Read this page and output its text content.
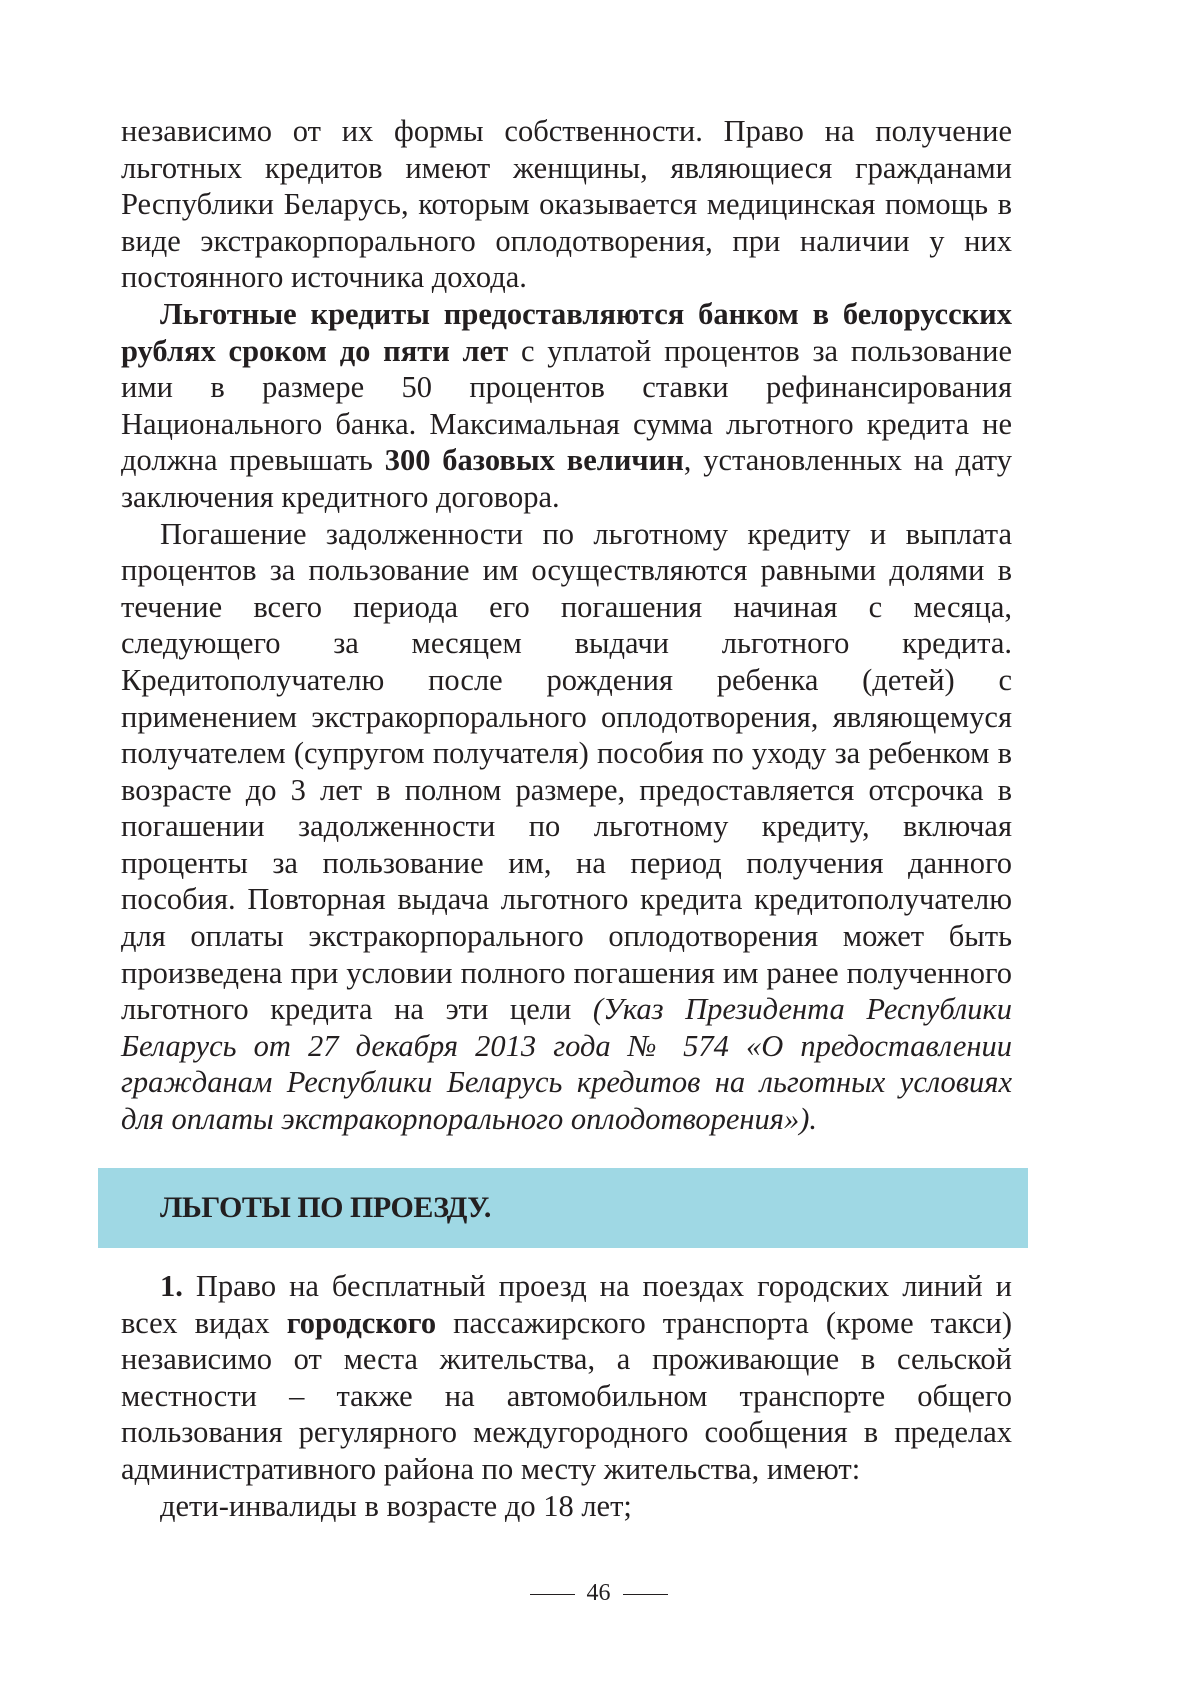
независимо от их формы собственности. Право на получение льготных кредитов имеют женщины, являющиеся гражданами Республики Беларусь, которым оказывается медицинская помощь в виде экстракорпорального оплодотворения, при наличии у них постоянного источника дохода.

Льготные кредиты предоставляются банком в белорусских рублях сроком до пяти лет с уплатой процентов за пользование ими в размере 50 процентов ставки рефинансирования Национального банка. Максимальная сумма льготного кредита не должна превышать 300 базовых величин, установленных на дату заключения кредитного договора.

Погашение задолженности по льготному кредиту и выплата процентов за пользование им осуществляются равными долями в течение всего периода его погашения начиная с месяца, следующего за месяцем выдачи льготного кредита. Кредитополучателю после рождения ребенка (детей) с применением экстракорпорального оплодотворения, являющемуся получателем (супругом получателя) пособия по уходу за ребенком в возрасте до 3 лет в полном размере, предоставляется отсрочка в погашении задолженности по льготному кредиту, включая проценты за пользование им, на период получения данного пособия. Повторная выдача льготного кредита кредитополучателю для оплаты экстракорпорального оплодотворения может быть произведена при условии полного погашения им ранее полученного льготного кредита на эти цели (Указ Президента Республики Беларусь от 27 декабря 2013 года № 574 «О предоставлении гражданам Республики Беларусь кредитов на льготных условиях для оплаты экстракорпорального оплодотворения»).

ЛЬГОТЫ ПО ПРОЕЗДУ.

1. Право на бесплатный проезд на поездах городских линий и всех видах городского пассажирского транспорта (кроме такси) независимо от места жительства, а проживающие в сельской местности – также на автомобильном транспорте общего пользования регулярного междугородного сообщения в пределах административного района по месту жительства, имеют:

дети-инвалиды в возрасте до 18 лет;

46
